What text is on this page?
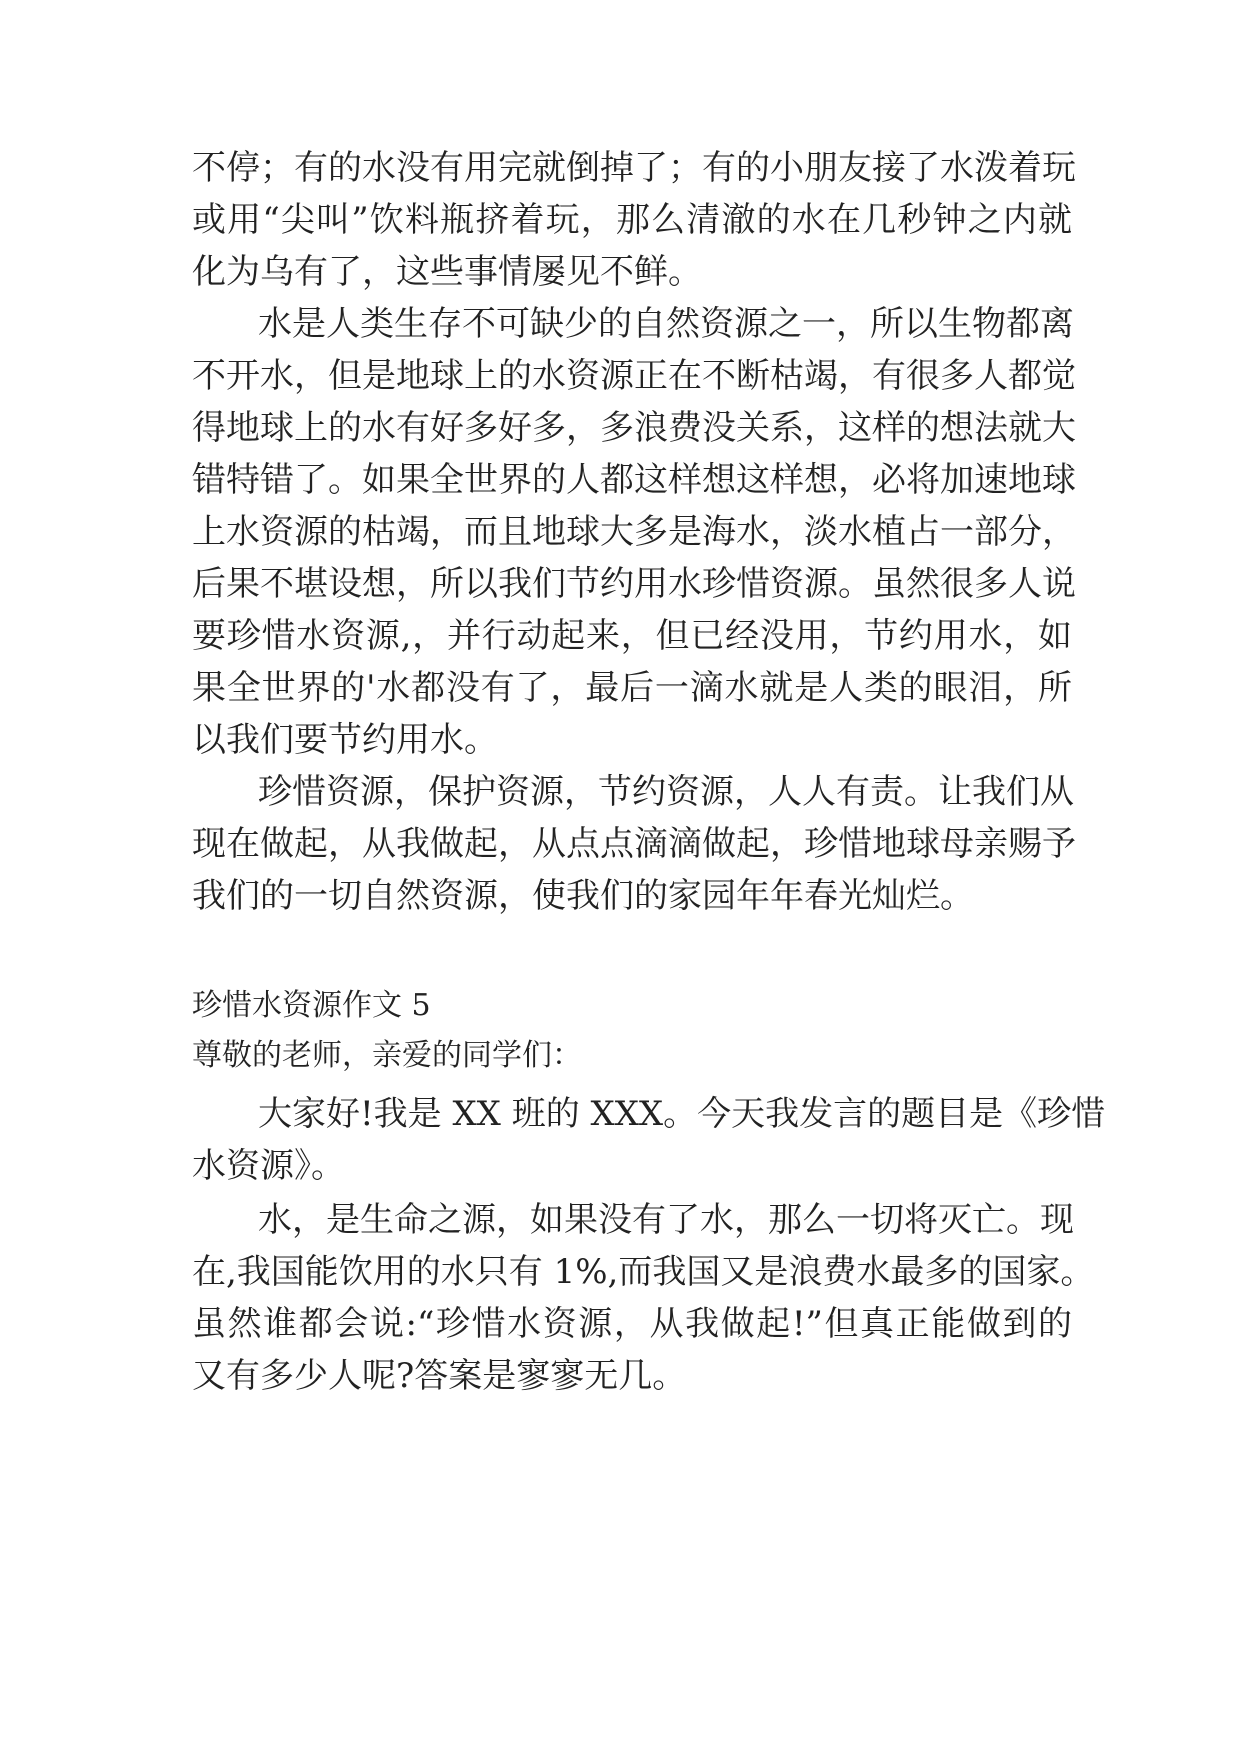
不停；有的水没有用完就倒掉了；有的小朋友接了水泼着玩
或用“尖叫”饮料瓶挤着玩，那么清澈的水在几秒钟之内就
化为乌有了，这些事情屡见不鲜。
水是人类生存不可缺少的自然资源之一，所以生物都离
不开水，但是地球上的水资源正在不断枯竭，有很多人都觉
得地球上的水有好多好多，多浪费没关系，这样的想法就大
错特错了。如果全世界的人都这样想这样想，必将加速地球
上水资源的枯竭，而且地球大多是海水，淡水植占一部分，
后果不堪设想，所以我们节约用水珍惜资源。虽然很多人说
要珍惜水资源,，并行动起来，但已经没用，节约用水，如
果全世界的'水都没有了，最后一滴水就是人类的眼泪，所
以我们要节约用水。
珍惜资源，保护资源，节约资源，人人有责。让我们从
现在做起，从我做起，从点点滴滴做起，珍惜地球母亲赐予
我们的一切自然资源，使我们的家园年年春光灿烂。
珍惜水资源作文 5
尊敬的老师，亲爱的同学们：
大家好!我是 XX 班的 XXX。今天我发言的题目是《珍惜
水资源》。
水，是生命之源，如果没有了水，那么一切将灭亡。现
在,我国能饮用的水只有 1%,而我国又是浪费水最多的国家。
虽然谁都会说:“珍惜水资源，从我做起!”但真正能做到的
又有多少人呢?答案是寥寥无几。
